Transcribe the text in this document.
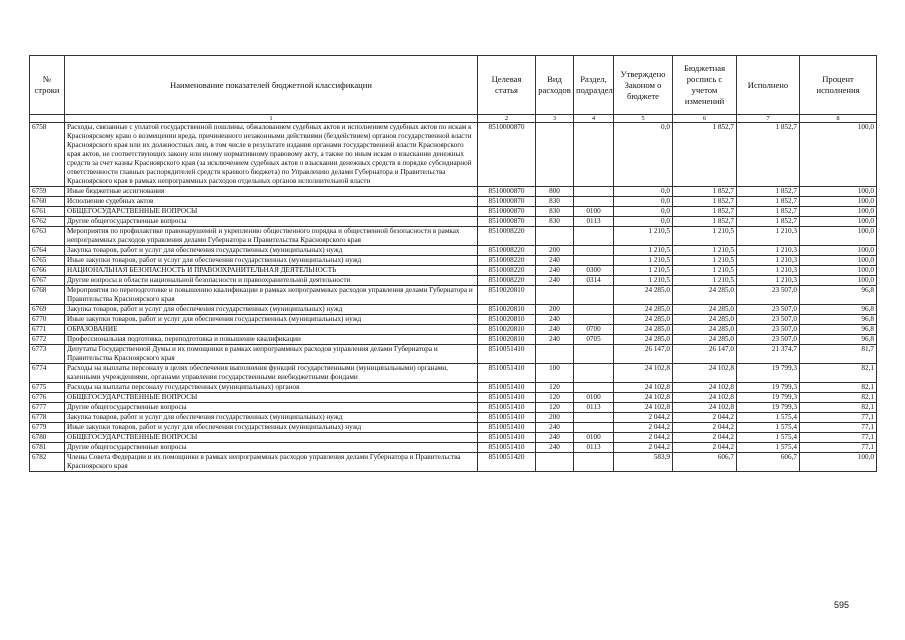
№ строки	Наименование показателей бюджетной классификации	Целевая статья	Вид расходов	Раздел, подраздел	Утверждено Законом о бюджете	Бюджетная роспись с учетом изменений	Исполнено	Процент исполнения
	1	2	3	4	5	6	7	8
6758	Расходы, связанные с уплатой государственной пошлины, обжалованием судебных актов и исполнением судебных актов по искам к Красноярскому краю о возмещении вреда, причиненного незаконными действиями (бездействием) органов государственной власти Красноярского края или их должностных лиц, в том числе в результате издания органами государственной власти Красноярского края актов, не соответствующих закону или иному нормативному правовому акту, а также по иным искам о взыскании денежных средств за счет казны Красноярского края (за исключением судебных актов о взыскании денежных средств в порядке субсидиарной ответственности главных распорядителей средств краевого бюджета) по Управлению делами Губернатора и Правительства Красноярского края в рамках непрограммных расходов отдельных органов исполнительной власти	8510000870			0,0	1 852,7	1 852,7	100,0
6759	Иные бюджетные ассигнования	8510000870	800		0,0	1 852,7	1 852,7	100,0
6760	Исполнение судебных актов	8510000870	830		0,0	1 852,7	1 852,7	100,0
6761	ОБЩЕГОСУДАРСТВЕННЫЕ ВОПРОСЫ	8510000870	830	0100	0,0	1 852,7	1 852,7	100,0
6762	Другие общегосударственные вопросы	8510000870	830	0113	0,0	1 852,7	1 852,7	100,0
6763	Мероприятия по профилактике правонарушений и укреплению общественного порядка и общественной безопасности в рамках непрограммных расходов управления делами Губернатора и Правительства Красноярского края	8510008220			1 210,5	1 210,5	1 210,3	100,0
6764	Закупка товаров, работ и услуг для обеспечения государственных (муниципальных) нужд	8510008220	200		1 210,5	1 210,5	1 210,3	100,0
6765	Иные закупки товаров, работ и услуг для обеспечения государственных (муниципальных) нужд	8510008220	240		1 210,5	1 210,5	1 210,3	100,0
6766	НАЦИОНАЛЬНАЯ БЕЗОПАСНОСТЬ И ПРАВООХРАНИТЕЛЬНАЯ ДЕЯТЕЛЬНОСТЬ	8510008220	240	0300	1 210,5	1 210,5	1 210,3	100,0
6767	Другие вопросы в области национальной безопасности и правоохранительной деятельности	8510008220	240	0314	1 210,5	1 210,5	1 210,3	100,0
6768	Мероприятия по переподготовке и повышению квалификации в рамках непрограммных расходов управления делами Губернатора и Правительства Красноярского края	8510020810			24 285,0	24 285,0	23 507,0	96,8
6769	Закупка товаров, работ и услуг для обеспечения государственных (муниципальных) нужд	8510020810	200		24 285,0	24 285,0	23 507,0	96,8
6770	Иные закупки товаров, работ и услуг для обеспечения государственных (муниципальных) нужд	8510020810	240		24 285,0	24 285,0	23 507,0	96,8
6771	ОБРАЗОВАНИЕ	8510020810	240	0700	24 285,0	24 285,0	23 507,0	96,8
6772	Профессиональная подготовка, переподготовка и повышение квалификации	8510020810	240	0705	24 285,0	24 285,0	23 507,0	96,8
6773	Депутаты Государственной Думы и их помощники в рамках непрограммных расходов управления делами Губернатора и Правительства Красноярского края	8510051410			26 147,0	26 147,0	21 374,7	81,7
6774	Расходы на выплаты персоналу в целях обеспечения выполнения функций государственными (муниципальными) органами, казенными учреждениями, органами управления государственными внебюджетными фондами	8510051410	100		24 102,8	24 102,8	19 799,3	82,1
6775	Расходы на выплаты персоналу государственных (муниципальных) органов	8510051410	120		24 102,8	24 102,8	19 799,3	82,1
6776	ОБЩЕГОСУДАРСТВЕННЫЕ ВОПРОСЫ	8510051410	120	0100	24 102,8	24 102,8	19 799,3	82,1
6777	Другие общегосударственные вопросы	8510051410	120	0113	24 102,8	24 102,8	19 799,3	82,1
6778	Закупка товаров, работ и услуг для обеспечения государственных (муниципальных) нужд	8510051410	200		2 044,2	2 044,2	1 575,4	77,1
6779	Иные закупки товаров, работ и услуг для обеспечения государственных (муниципальных) нужд	8510051410	240		2 044,2	2 044,2	1 575,4	77,1
6780	ОБЩЕГОСУДАРСТВЕННЫЕ ВОПРОСЫ	8510051410	240	0100	2 044,2	2 044,2	1 575,4	77,1
6781	Другие общегосударственные вопросы	8510051410	240	0113	2 044,2	2 044,2	1 575,4	77,1
6782	Члены Совета Федерации и их помощники в рамках непрограммных расходов управления делами Губернатора и Правительства Красноярского края	8510051420			583,9	606,7	606,7	100,0
595
